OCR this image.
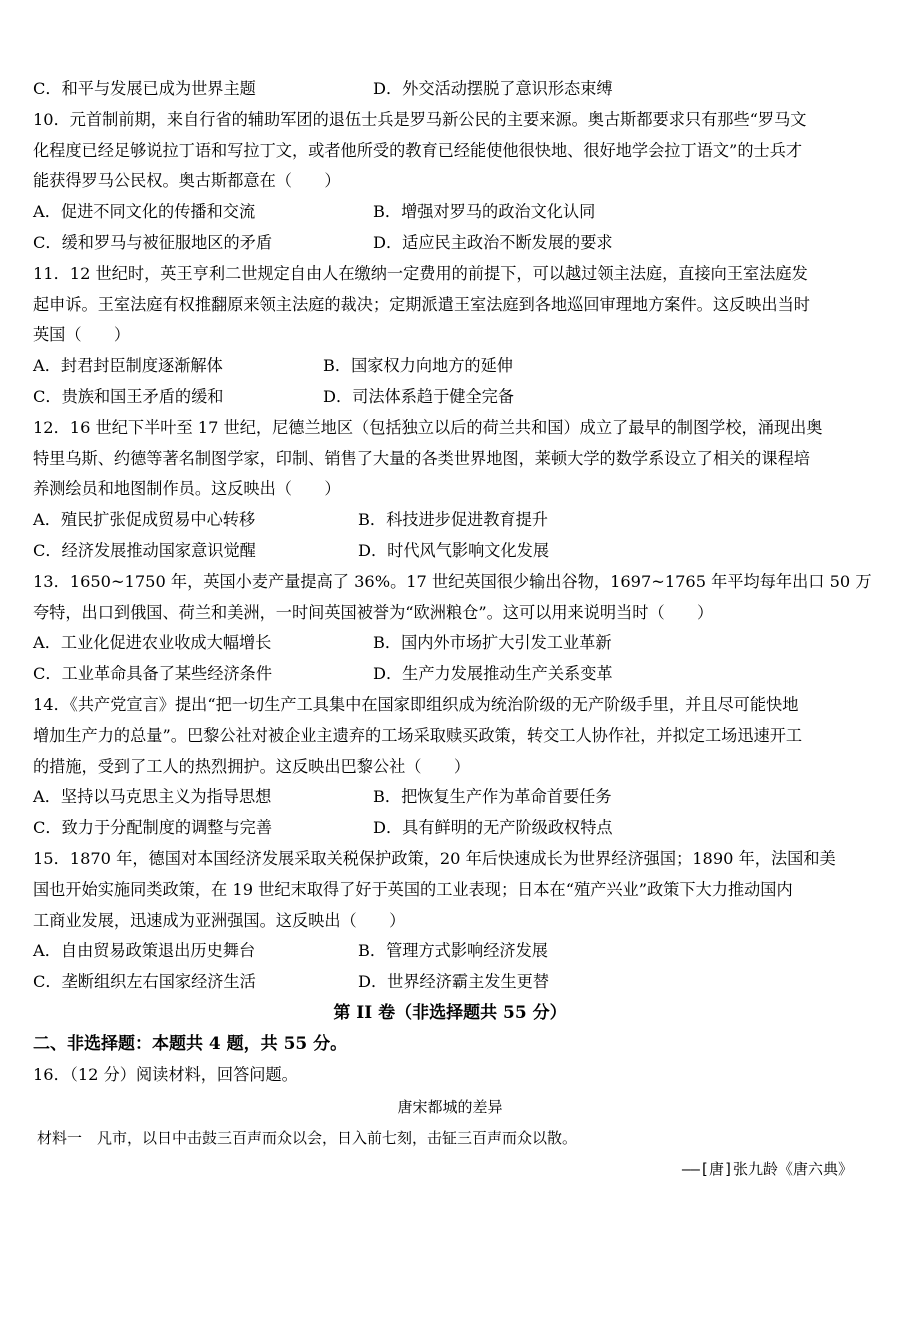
C．和平与发展已成为世界主题	D．外交活动摆脱了意识形态束缚
10．元首制前期，来自行省的辅助军团的退伍士兵是罗马新公民的主要来源。奥古斯都要求只有那些“罗马文
化程度已经足够说拉丁语和写拉丁文，或者他所受的教育已经能使他很快地、很好地学会拉丁语文”的士兵才
能获得罗马公民权。奥古斯都意在（　　）
A．促进不同文化的传播和交流	B．增强对罗马的政治文化认同
C．缓和罗马与被征服地区的矛盾	D．适应民主政治不断发展的要求
11．12 世纪时，英王亨利二世规定自由人在缴纳一定费用的前提下，可以越过领主法庭，直接向王室法庭发
起申诉。王室法庭有权推翻原来领主法庭的裁决；定期派遣王室法庭到各地巡回审理地方案件。这反映出当时
英国（　　）
A．封君封臣制度逐渐解体	B．国家权力向地方的延伸
C．贵族和国王矛盾的缓和	D．司法体系趋于健全完备
12．16 世纪下半叶至 17 世纪，尼德兰地区（包括独立以后的荷兰共和国）成立了最早的制图学校，涌现出奥
特里乌斯、约德等著名制图学家，印制、销售了大量的各类世界地图，莱顿大学的数学系设立了相关的课程培
养测绘员和地图制作员。这反映出（　　）
A．殖民扩张促成贸易中心转移	B．科技进步促进教育提升
C．经济发展推动国家意识觉醒	D．时代风气影响文化发展
13．1650~1750 年，英国小麦产量提高了 36%。17 世纪英国很少输出谷物，1697~1765 年平均每年出口 50 万
夸特，出口到俄国、荷兰和美洲，一时间英国被誉为“欧洲粮仓”。这可以用来说明当时（　　）
A．工业化促进农业收成大幅增长	B．国内外市场扩大引发工业革新
C．工业革命具备了某些经济条件	D．生产力发展推动生产关系变革
14．《共产党宣言》提出“把一切生产工具集中在国家即组织成为统治阶级的无产阶级手里，并且尽可能快地
增加生产力的总量”。巴黎公社对被企业主遗弃的工场采取赎买政策，转交工人协作社，并拟定工场迅速开工
的措施，受到了工人的热烈拥护。这反映出巴黎公社（　　）
A．坚持以马克思主义为指导思想	B．把恢复生产作为革命首要任务
C．致力于分配制度的调整与完善	D．具有鲜明的无产阶级政权特点
15．1870 年，德国对本国经济发展采取关税保护政策，20 年后快速成长为世界经济强国；1890 年，法国和美
国也开始实施同类政策，在 19 世纪末取得了好于英国的工业表现；日本在“殖产兴业”政策下大力推动国内
工商业发展，迅速成为亚洲强国。这反映出（　　）
A．自由贸易政策退出历史舞台	B．管理方式影响经济发展
C．垄断组织左右国家经济生活	D．世界经济霸主发生更替
第 II 卷（非选择题共 55 分）
二、非选择题：本题共 4 题，共 55 分。
16．（12 分）阅读材料，回答问题。
唐宋都城的差异
材料一　凡市，以日中击鼓三百声而众以会，日入前七刻，击钲三百声而众以散。
——[唐]张九龄《唐六典》
